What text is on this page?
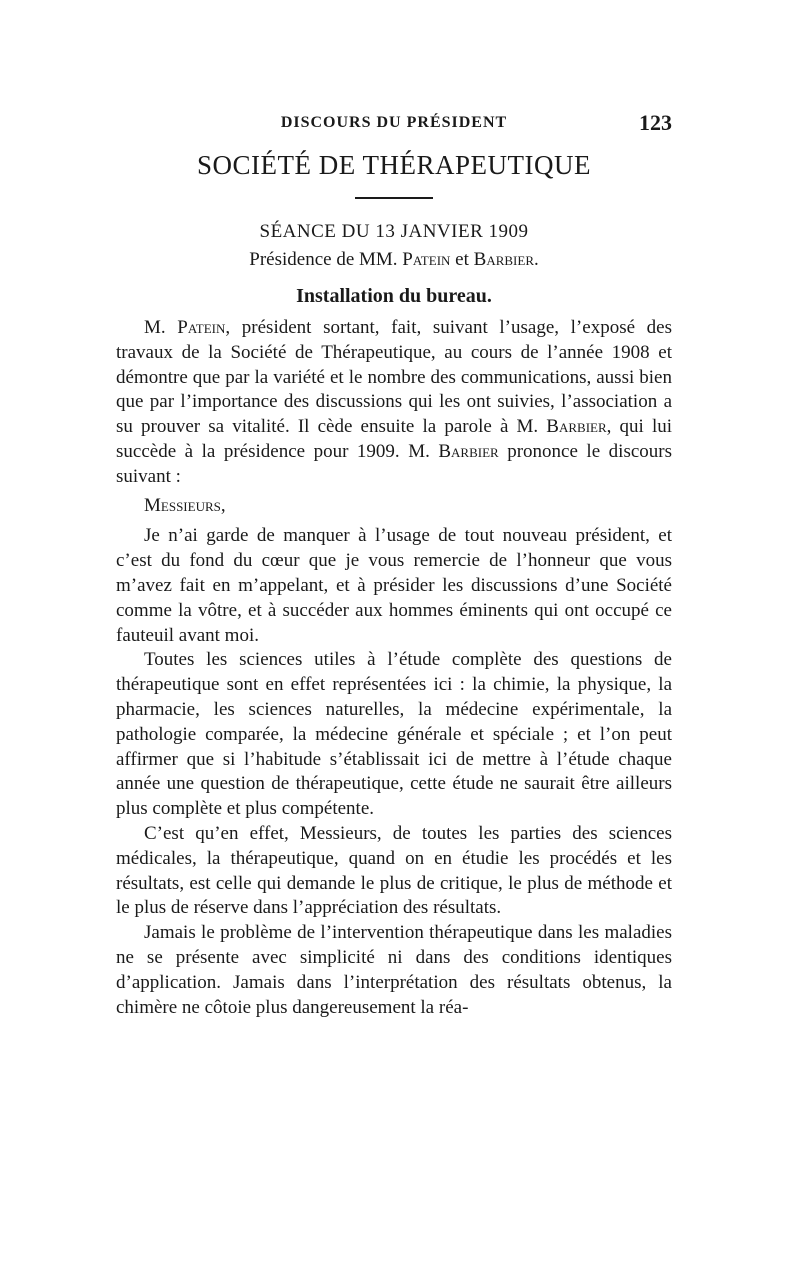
DISCOURS DU PRÉSIDENT	123
SOCIÉTÉ DE THÉRAPEUTIQUE
SÉANCE DU 13 JANVIER 1909
Présidence de MM. Patein et Barbier.
Installation du bureau.

M. Patein, président sortant, fait, suivant l’usage, l’exposé des travaux de la Société de Thérapeutique, au cours de l’année 1908 et démontre que par la variété et le nombre des communications, aussi bien que par l’importance des discussions qui les ont suivies, l’association a su prouver sa vitalité. Il cède ensuite la parole à M. Barbier, qui lui succède à la présidence pour 1909. M. Barbier prononce le discours suivant :

Messieurs,

Je n’ai garde de manquer à l’usage de tout nouveau président, et c’est du fond du cœur que je vous remercie de l’honneur que vous m’avez fait en m’appelant, et à présider les discussions d’une Société comme la vôtre, et à succéder aux hommes éminents qui ont occupé ce fauteuil avant moi.

Toutes les sciences utiles à l’étude complète des questions de thérapeutique sont en effet représentées ici : la chimie, la physique, la pharmacie, les sciences naturelles, la médecine expérimentale, la pathologie comparée, la médecine générale et spéciale ; et l’on peut affirmer que si l’habitude s’établissait ici de mettre à l’étude chaque année une question de thérapeutique, cette étude ne saurait être ailleurs plus complète et plus compétente.

C’est qu’en effet, Messieurs, de toutes les parties des sciences médicales, la thérapeutique, quand on en étudie les procédés et les résultats, est celle qui demande le plus de critique, le plus de méthode et le plus de réserve dans l’appréciation des résultats.

Jamais le problème de l’intervention thérapeutique dans les maladies ne se présente avec simplicité ni dans des conditions identiques d’application. Jamais dans l’interprétation des résultats obtenus, la chimère ne côtoie plus dangereusement la réa-
